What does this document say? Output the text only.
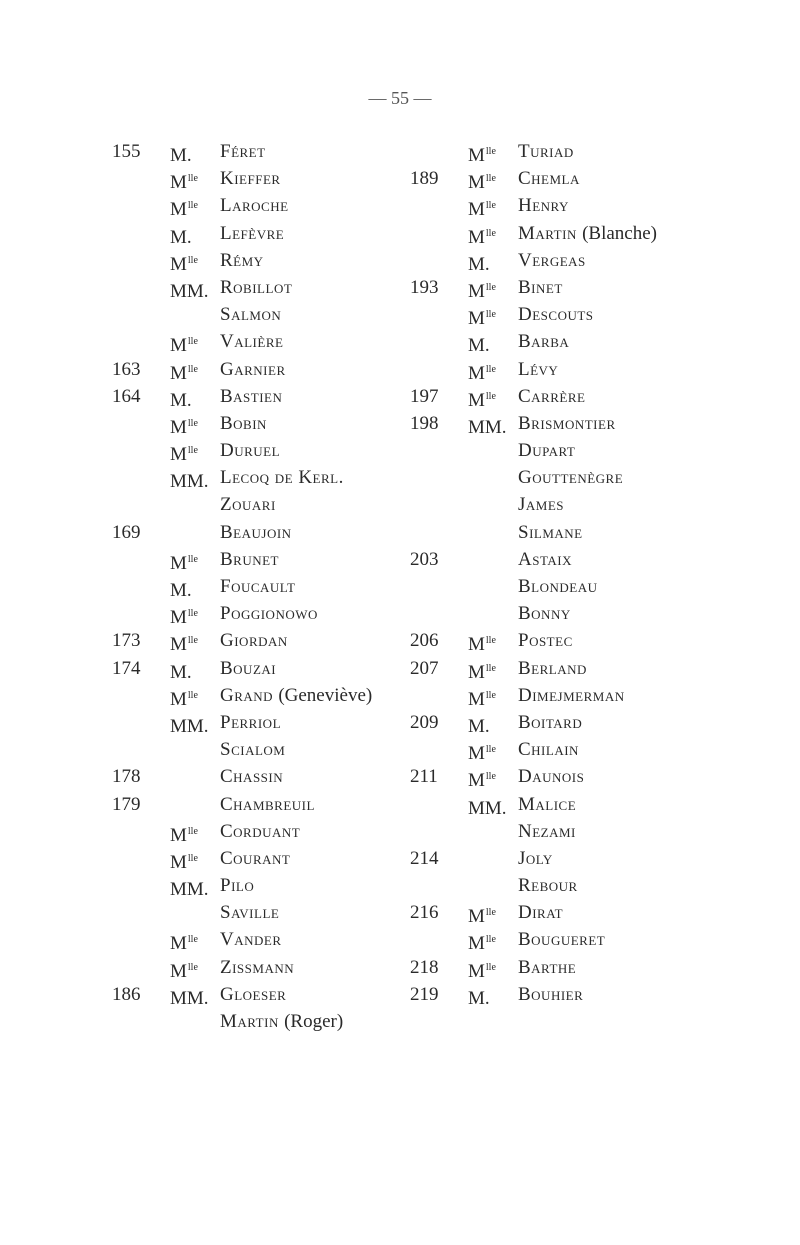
— 55 —
155	M. Féret
$M^{lle}$ Kieffer
$M^{lle}$ Laroche
M. Lefèvre
$M^{lle}$ Rémy
MM. Robillot
Salmon
$M^{lle}$ Valière
163	$M^{lle}$ Garnier
164	M. Bastien
$M^{lle}$ Bobin
$M^{lle}$ Duruel
MM. Lecoq de Kerl.
Zouari
169	Beaujoin
$M^{lle}$ Brunet
M. Foucault
$M^{lle}$ Poggionowo
173	$M^{lle}$ Giordan
174	M. Bouzai
$M^{lle}$ Grand (Geneviève)
MM. Perriol
Scialom
178	Chassin
179	Chambreuil
$M^{lle}$ Corduant
$M^{lle}$ Courant
MM. Pilo
Saville
$M^{lle}$ Vander
$M^{lle}$ Zissmann
186	MM. Gloeser
Martin (Roger)
$M^{lle}$ Turiad
189	$M^{lle}$ Chemla
$M^{lle}$ Henry
$M^{lle}$ Martin (Blanche)
M. Vergeas
193	$M^{lle}$ Binet
$M^{lle}$ Descouts
M. Barba
$M^{lle}$ Lévy
197	$M^{lle}$ Carrère
198	MM. Brismontier
Dupart
Gouttenègre
James
Silmane
203	Astaix
Blondeau
Bonny
206	$M^{lle}$ Postec
207	$M^{lle}$ Berland
$M^{lle}$ Dimejmerman
209	M. Boitard
$M^{lle}$ Chilain
211	$M^{lle}$ Daunois
MM. Malice
Nezami
214	Joly
Rebour
216	$M^{lle}$ Dirat
$M^{lle}$ Bougueret
218	$M^{lle}$ Barthe
219	M. Bouhier
